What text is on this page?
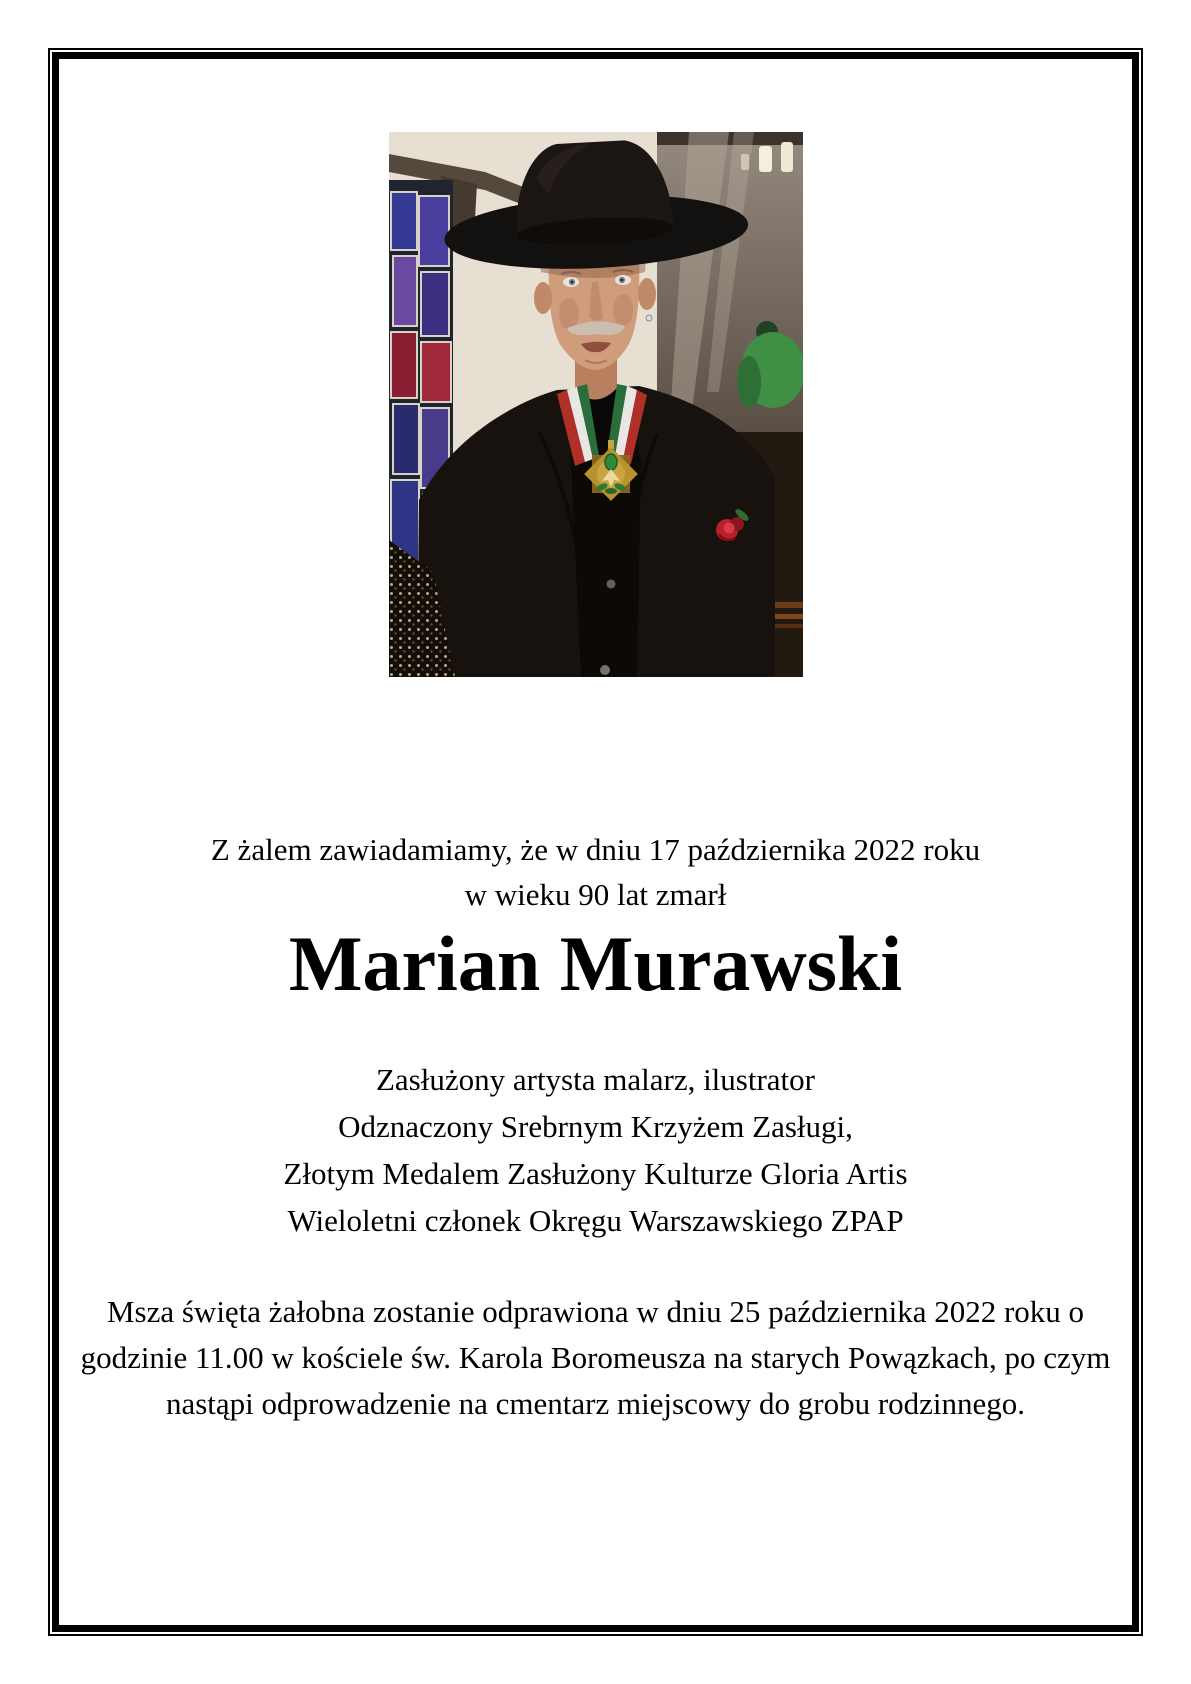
Z żalem zawiadamiamy, że w dniu 17 października 2022 roku
w wieku 90 lat zmarł
Marian Murawski
Zasłużony artysta malarz, ilustrator
Odznaczony Srebrnym Krzyżem Zasługi,
Złotym Medalem Zasłużony Kulturze Gloria Artis
Wieloletni członek Okręgu Warszawskiego ZPAP
Msza święta żałobna zostanie odprawiona w dniu 25 października 2022 roku o
godzinie 11.00 w kościele św. Karola Boromeusza na starych Powązkach, po czym
nastąpi odprowadzenie na cmentarz miejscowy do grobu rodzinnego.
